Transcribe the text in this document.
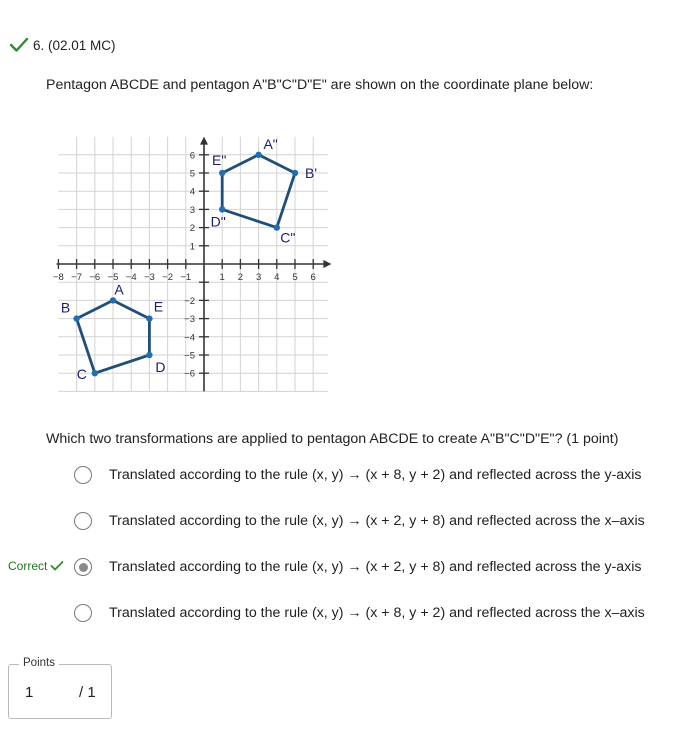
6. (02.01 MC)
Pentagon ABCDE and pentagon A"B"C"D"E" are shown on the coordinate plane below:
−8 −7 −6 −5 −4 −3 −2 −1	1 2 3 4 5 6
6
5
4
3
2
1
−2
−3
−4
−5
−6
A
B
C	D
E
A"
B'
C"
D"
E"
Which two transformations are applied to pentagon ABCDE to create A"B"C"D"E"? (1 point)
Translated according to the rule (x, y) → (x + 8, y + 2) and reflected across the y-axis
Translated according to the rule (x, y) → (x + 2, y + 8) and reflected across the x–axis
Translated according to the rule (x, y) → (x + 2, y + 8) and reflected across the y-axis
Translated according to the rule (x, y) → (x + 8, y + 2) and reflected across the x–axis
Correct
Points
1	/ 1
